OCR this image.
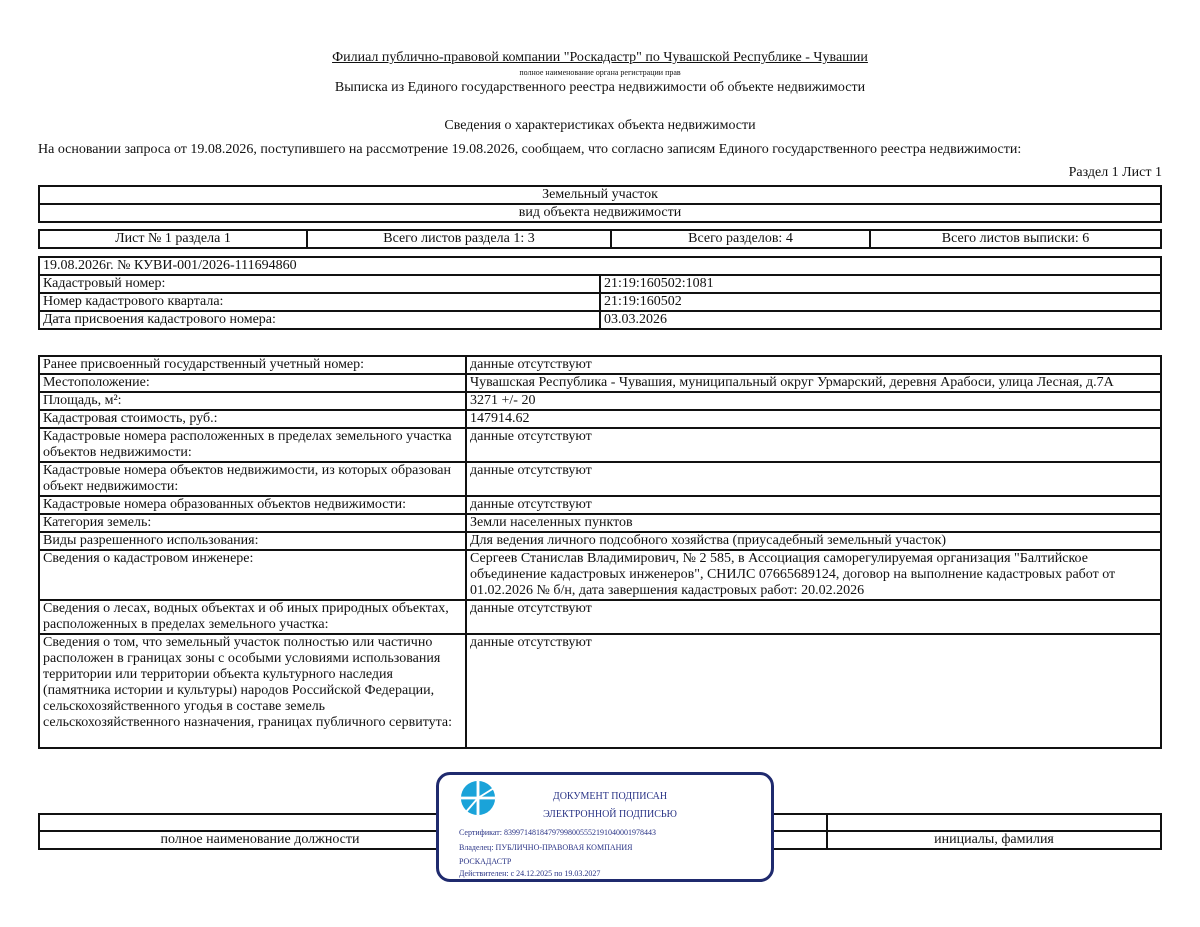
Филиал публично-правовой компании "Роскадастр" по Чувашской Республике - Чувашии
полное наименование органа регистрации прав
Выписка из Единого государственного реестра недвижимости об объекте недвижимости
Сведения о характеристиках объекта недвижимости
На основании запроса от 19.08.2026, поступившего на рассмотрение 19.08.2026, сообщаем, что согласно записям Единого государственного реестра недвижимости:
Раздел 1 Лист 1
Земельный участок
вид объекта недвижимости
Лист № 1 раздела 1	Всего листов раздела 1: 3	Всего разделов: 4	Всего листов выписки: 6
19.08.2026г. № КУВИ-001/2026-111694860	
Кадастровый номер:	21:19:160502:1081
Номер кадастрового квартала:	21:19:160502
Дата присвоения кадастрового номера:	03.03.2026
Ранее присвоенный государственный учетный номер:	данные отсутствуют
Местоположение:	Чувашская Республика - Чувашия, муниципальный округ Урмарский, деревня Арабоси, улица Лесная, д.7А
Площадь, м²:	3271 +/- 20
Кадастровая стоимость, руб.:	147914.62
Кадастровые номера расположенных в пределах земельного участка объектов недвижимости:	данные отсутствуют
Кадастровые номера объектов недвижимости, из которых образован объект недвижимости:	данные отсутствуют
Кадастровые номера образованных объектов недвижимости:	данные отсутствуют
Категория земель:	Земли населенных пунктов
Виды разрешенного использования:	Для ведения личного подсобного хозяйства (приусадебный земельный участок)
Сведения о кадастровом инженере:	Сергеев Станислав Владимирович, № 2 585, в Ассоциация саморегулируемая организация "Балтийское объединение кадастровых инженеров", СНИЛС 07665689124, договор на выполнение кадастровых работ от 01.02.2026 № б/н, дата завершения кадастровых работ: 20.02.2026
Сведения о лесах, водных объектах и об иных природных объектах, расположенных в пределах земельного участка:	данные отсутствуют
Сведения о том, что земельный участок полностью или частично расположен в границах зоны с особыми условиями использования территории или территории объекта культурного наследия (памятника истории и культуры) народов Российской Федерации, сельскохозяйственного угодья в составе земель сельскохозяйственного назначения, границах публичного сервитута:	данные отсутствуют

полное наименование должности		инициалы, фамилия
ДОКУМЕНТ ПОДПИСАН
ЭЛЕКТРОННОЙ ПОДПИСЬЮ
Сертификат: 8399714818479799800555219104000197844З
Владелец: ПУБЛИЧНО-ПРАВОВАЯ КОМПАНИЯ
РОСКАДАСТР
Действителен: с 24.12.2025 по 19.03.2027
